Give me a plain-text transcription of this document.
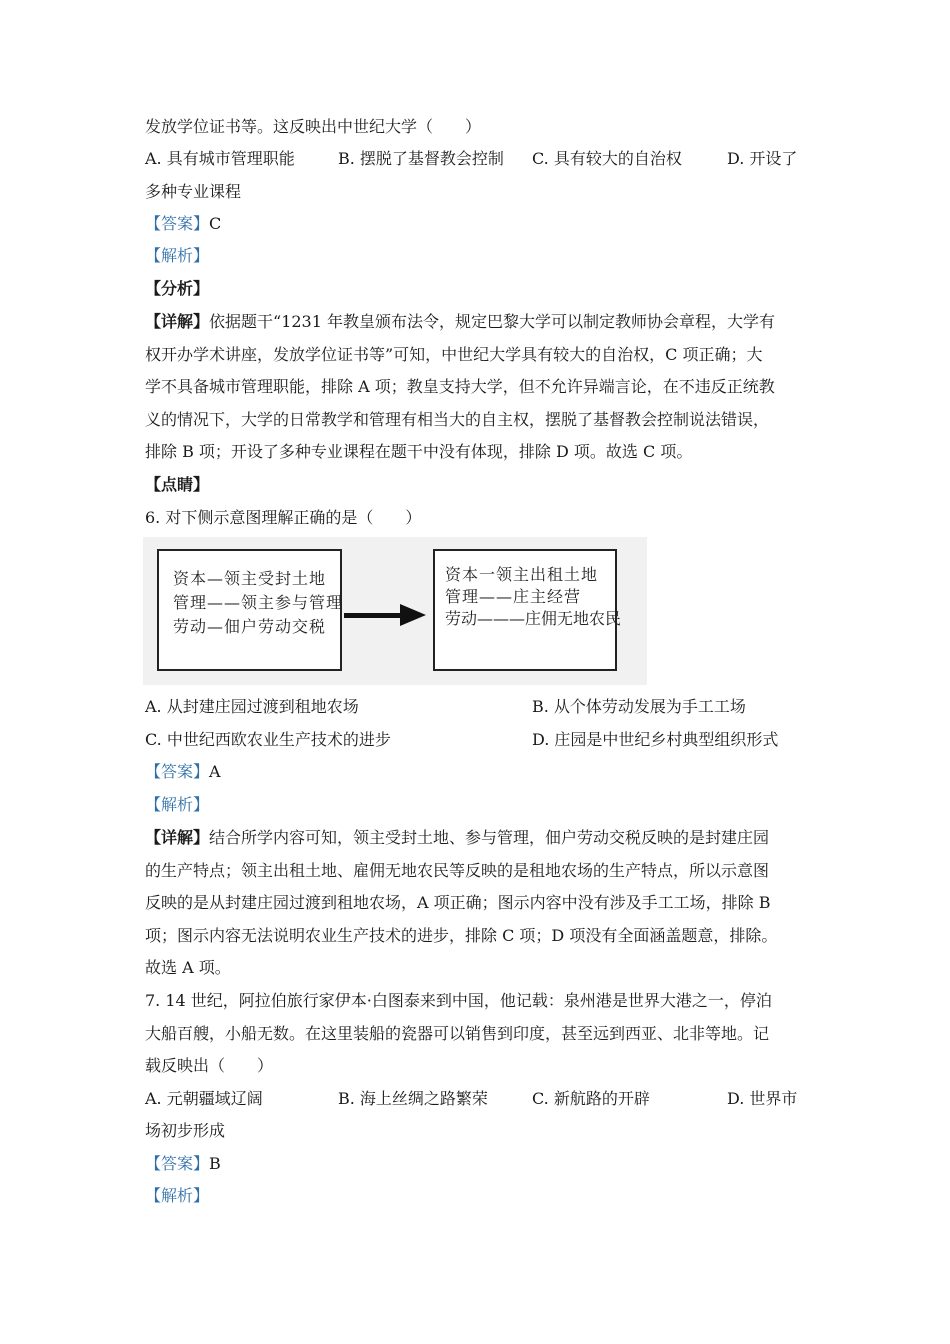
发放学位证书等。这反映出中世纪大学（　　）
A. 具有城市管理职能	B. 摆脱了基督教会控制 C. 具有较大的自治权	D. 开设了
多种专业课程
【答案】C
【解析】
【分析】
【详解】依据题干“1231 年教皇颁布法令，规定巴黎大学可以制定教师协会章程，大学有
权开办学术讲座，发放学位证书等”可知，中世纪大学具有较大的自治权，C 项正确；大
学不具备城市管理职能，排除 A 项；教皇支持大学，但不允许异端言论，在不违反正统教
义的情况下，大学的日常教学和管理有相当大的自主权，摆脱了基督教会控制说法错误，
排除 B 项；开设了多种专业课程在题干中没有体现，排除 D 项。故选 C 项。
【点睛】
6. 对下侧示意图理解正确的是（　　）
资本—领主受封土地
管理——领主参与管理
劳动—佃户劳动交税
资本一领主出租土地
管理——庄主经营
劳动———庄佣无地农民
A. 从封建庄园过渡到租地农场	B. 从个体劳动发展为手工工场
C. 中世纪西欧农业生产技术的进步	D. 庄园是中世纪乡村典型组织形式
【答案】A
【解析】
【详解】结合所学内容可知，领主受封土地、参与管理，佃户劳动交税反映的是封建庄园
的生产特点；领主出租土地、雇佣无地农民等反映的是租地农场的生产特点，所以示意图
反映的是从封建庄园过渡到租地农场，A 项正确；图示内容中没有涉及手工工场，排除 B
项；图示内容无法说明农业生产技术的进步，排除 C 项；D 项没有全面涵盖题意，排除。
故选 A 项。
7. 14 世纪，阿拉伯旅行家伊本·白图泰来到中国，他记载：泉州港是世界大港之一，停泊
大船百艘，小船无数。在这里装船的瓷器可以销售到印度，甚至远到西亚、北非等地。记
载反映出（　　）
A. 元朝疆域辽阔	B. 海上丝绸之路繁荣	C. 新航路的开辟	D. 世界市
场初步形成
【答案】B
【解析】
